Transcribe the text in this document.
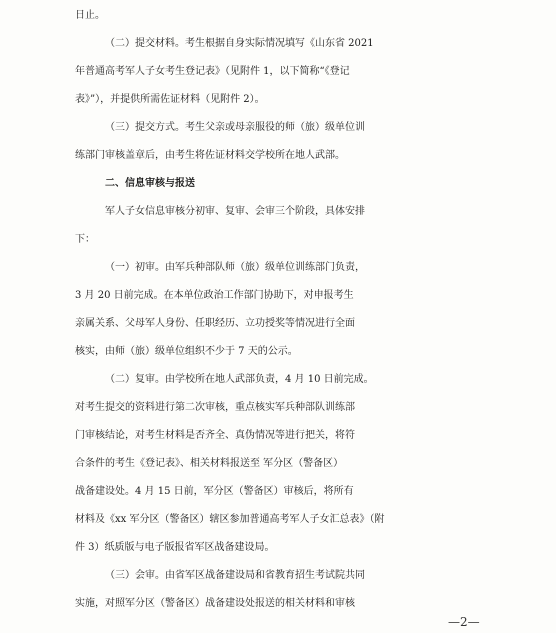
日止。
（二）提交材料。考生根据自身实际情况填写《山东省 2021
年普通高考军人子女考生登记表》（见附件 1，以下简称“《登记
表》”），并提供所需佐证材料（见附件 2）。
（三）提交方式。考生父亲或母亲服役的师（旅）级单位训
练部门审核盖章后，由考生将佐证材料交学校所在地人武部。
二、信息审核与报送
军人子女信息审核分初审、复审、会审三个阶段，具体安排
下：
（一）初审。由军兵种部队师（旅）级单位训练部门负责，
3 月 20 日前完成。在本单位政治工作部门协助下，对申报考生
亲属关系、父母军人身份、任职经历、立功授奖等情况进行全面
核实，由师（旅）级单位组织不少于 7 天的公示。
（二）复审。由学校所在地人武部负责，4 月 10 日前完成。
对考生提交的资料进行第二次审核，重点核实军兵种部队训练部
门审核结论，对考生材料是否齐全、真伪情况等进行把关，将符
合条件的考生《登记表》、相关材料报送至 军分区（警备区）
战备建设处。4 月 15 日前，军分区（警备区）审核后，将所有
材料及《xx 军分区（警备区）辖区参加普通高考军人子女汇总表》（附
件 3）纸质版与电子版报省军区战备建设局。
（三）会审。由省军区战备建设局和省教育招生考试院共同
实施，对照军分区（警备区）战备建设处报送的相关材料和审核
—2—
